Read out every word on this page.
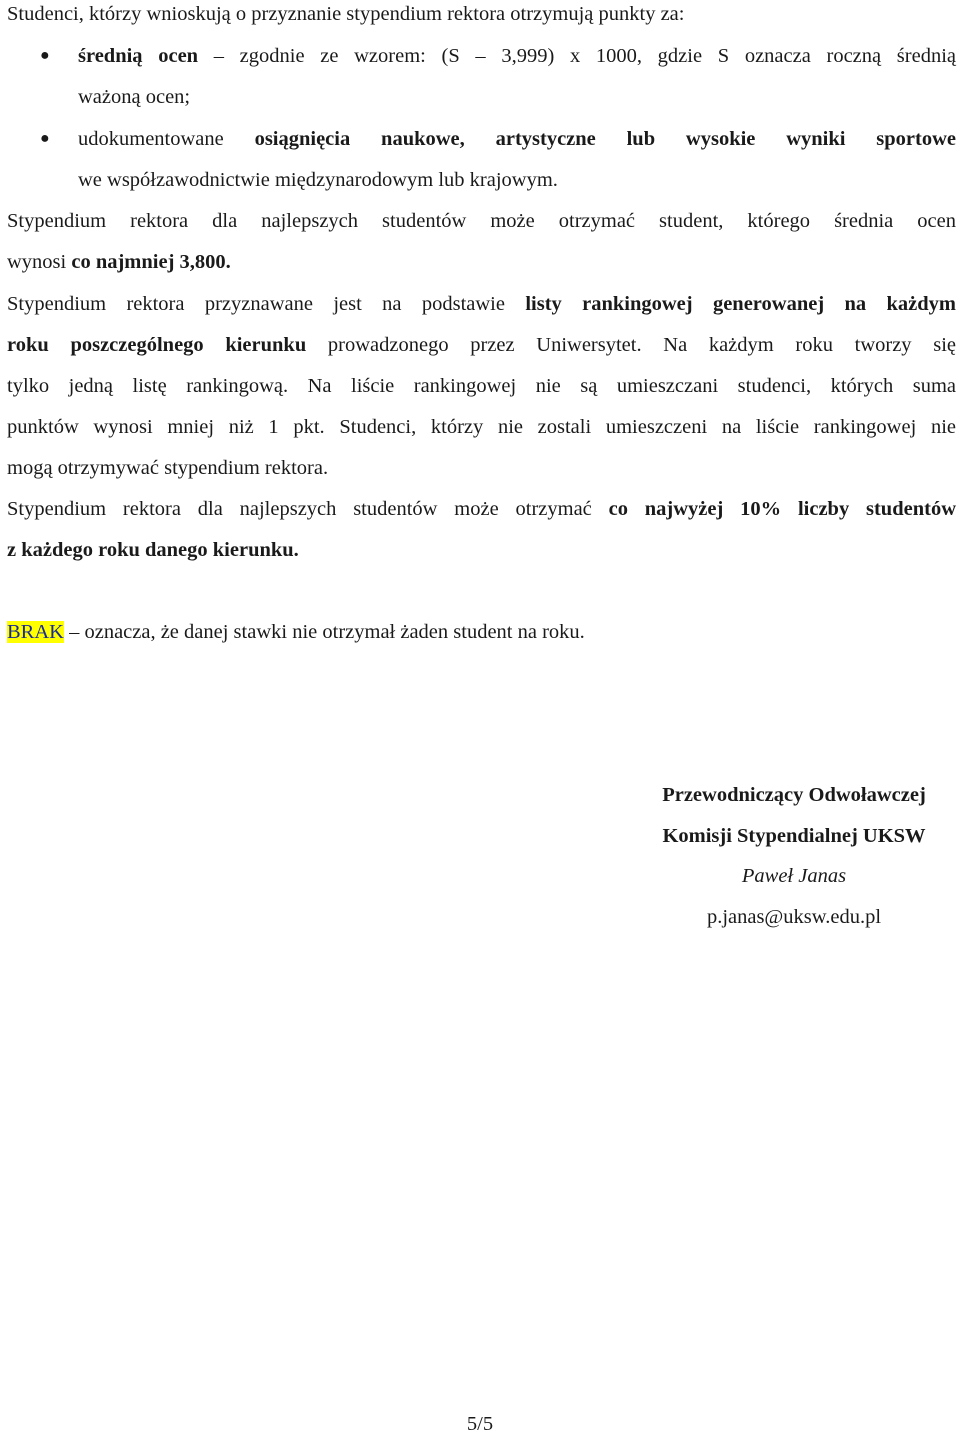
Studenci, którzy wnioskują o przyznanie stypendium rektora otrzymują punkty za:
● średnią ocen – zgodnie ze wzorem: (S – 3,999) x 1000, gdzie S oznacza roczną średnią
ważoną ocen;
● udokumentowane osiągnięcia naukowe, artystyczne lub wysokie wyniki sportowe
we współzawodnictwie międzynarodowym lub krajowym.
Stypendium rektora dla najlepszych studentów może otrzymać student, którego średnia ocen
wynosi co najmniej 3,800.
Stypendium rektora przyznawane jest na podstawie listy rankingowej generowanej na każdym
roku poszczególnego kierunku prowadzonego przez Uniwersytet. Na każdym roku tworzy się
tylko jedną listę rankingową. Na liście rankingowej nie są umieszczani studenci, których suma
punktów wynosi mniej niż 1 pkt. Studenci, którzy nie zostali umieszczeni na liście rankingowej nie
mogą otrzymywać stypendium rektora.
Stypendium rektora dla najlepszych studentów może otrzymać co najwyżej 10% liczby studentów
z każdego roku danego kierunku.
BRAK – oznacza, że danej stawki nie otrzymał żaden student na roku.
Przewodniczący Odwoławczej
Komisji Stypendialnej UKSW
Paweł Janas
p.janas@uksw.edu.pl
5/5
